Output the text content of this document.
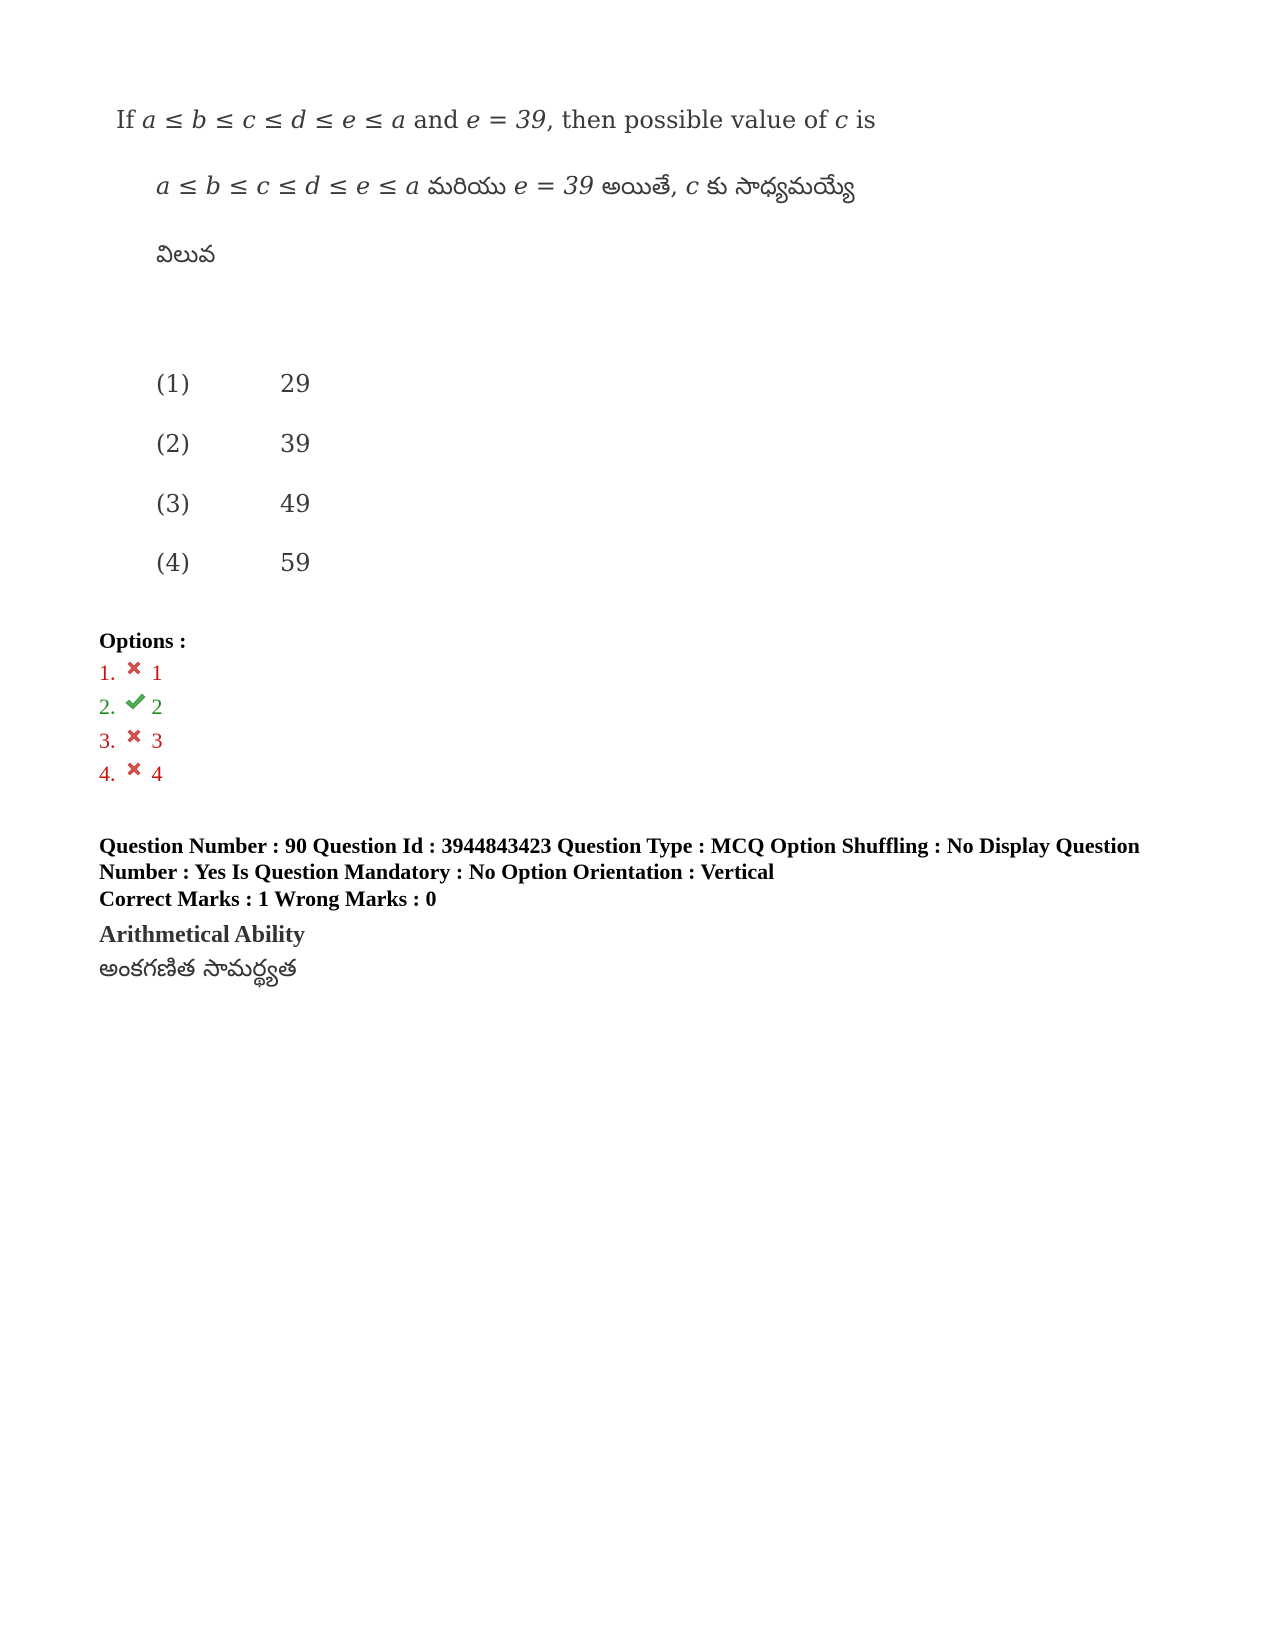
If a ≤ b ≤ c ≤ d ≤ e ≤ a and e = 39, then possible value of c is
a ≤ b ≤ c ≤ d ≤ e ≤ a మరియు e = 39 అయితే, c కు సాధ్యమయ్యే
విలువ
(1)	29
(2)	39
(3)	49
(4)	59
Options :
1. 1
2. 2
3. 3
4. 4
Question Number : 90 Question Id : 3944843423 Question Type : MCQ Option Shuffling : No Display Question Number : Yes Is Question Mandatory : No Option Orientation : Vertical
Correct Marks : 1 Wrong Marks : 0
Arithmetical Ability
అంకగణిత సామర్థ్యత
